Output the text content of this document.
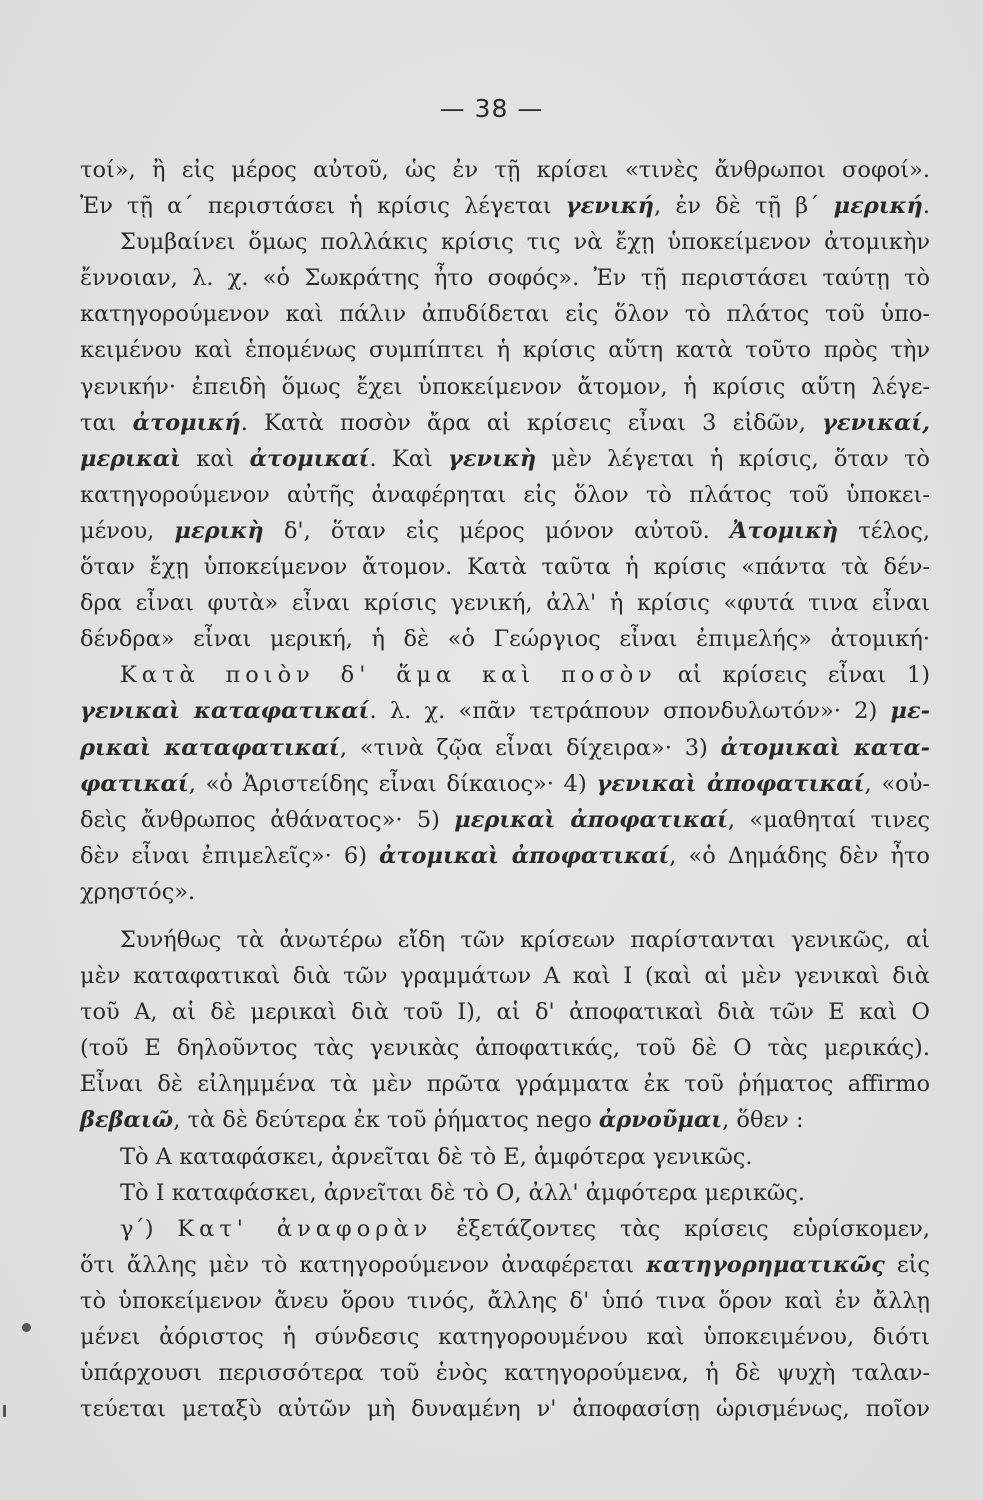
— 38 —
τοί», ἢ εἰς μέρος αὐτοῦ, ὡς ἐν τῇ κρίσει «τινὲς ἄνθρωποι σοφοί».
Ἐν τῇ α΄ περιστάσει ἡ κρίσις λέγεται γενική, ἐν δὲ τῇ β΄ μερική.
Συμβαίνει ὅμως πολλάκις κρίσις τις νὰ ἔχῃ ὑποκείμενον ἀτομικὴν
ἔννοιαν, λ. χ. «ὁ Σωκράτης ἦτο σοφός». Ἐν τῇ περιστάσει ταύτῃ τὸ
κατηγορούμενον καὶ πάλιν ἀπυδίδεται εἰς ὅλον τὸ πλάτος τοῦ ὑπο-
κειμένου καὶ ἑπομένως συμπίπτει ἡ κρίσις αὕτη κατὰ τοῦτο πρὸς τὴν
γενικήν· ἐπειδὴ ὅμως ἔχει ὑποκείμενον ἄτομον, ἡ κρίσις αὕτη λέγε-
ται ἀτομική. Κατὰ ποσὸν ἄρα αἱ κρίσεις εἶναι 3 εἰδῶν, γενικαί,
μερικαὶ καὶ ἀτομικαί. Καὶ γενικὴ μὲν λέγεται ἡ κρίσις, ὅταν τὸ
κατηγορούμενον αὐτῆς ἀναφέρηται εἰς ὅλον τὸ πλάτος τοῦ ὑποκει-
μένου, μερικὴ δ', ὅταν εἰς μέρος μόνον αὐτοῦ. Ἀτομικὴ τέλος,
ὅταν ἔχῃ ὑποκείμενον ἄτομον. Κατὰ ταῦτα ἡ κρίσις «πάντα τὰ δέν-
δρα εἶναι φυτὰ» εἶναι κρίσις γενική, ἀλλ' ἡ κρίσις «φυτά τινα εἶναι
δένδρα» εἶναι μερική, ἡ δὲ «ὁ Γεώργιος εἶναι ἐπιμελής» ἀτομική·
Κατὰ ποιὸν δ' ἅμα καὶ ποσὸν αἱ κρίσεις εἶναι 1)
γενικαὶ καταφατικαί. λ. χ. «πᾶν τετράπουν σπονδυλωτόν»· 2) με-
ρικαὶ καταφατικαί, «τινὰ ζῷα εἶναι δίχειρα»· 3) ἀτομικαὶ κατα-
φατικαί, «ὁ Ἀριστείδης εἶναι δίκαιος»· 4) γενικαὶ ἀποφατικαί, «οὐ-
δεὶς ἄνθρωπος ἀθάνατος»· 5) μερικαὶ ἀποφατικαί, «μαθηταί τινες
δὲν εἶναι ἐπιμελεῖς»· 6) ἀτομικαὶ ἀποφατικαί, «ὁ Δημάδης δὲν ἦτο
χρηστός».
Συνήθως τὰ ἀνωτέρω εἴδη τῶν κρίσεων παρίστανται γενικῶς, αἱ
μὲν καταφατικαὶ διὰ τῶν γραμμάτων Α καὶ Ι (καὶ αἱ μὲν γενικαὶ διὰ
τοῦ Α, αἱ δὲ μερικαὶ διὰ τοῦ Ι), αἱ δ' ἀποφατικαὶ διὰ τῶν Ε καὶ Ο
(τοῦ Ε δηλοῦντος τὰς γενικὰς ἀποφατικάς, τοῦ δὲ Ο τὰς μερικάς).
Εἶναι δὲ εἰλημμένα τὰ μὲν πρῶτα γράμματα ἐκ τοῦ ῥήματος affirmo
βεβαιῶ, τὰ δὲ δεύτερα ἐκ τοῦ ῥήματος nego ἀρνοῦμαι, ὅθεν :
Τὸ Α καταφάσκει, ἀρνεῖται δὲ τὸ Ε, ἀμφότερα γενικῶς.
Τὸ Ι καταφάσκει, ἀρνεῖται δὲ τὸ Ο, ἀλλ' ἀμφότερα μερικῶς.
γ΄) Κατ' ἀναφορὰν ἐξετάζοντες τὰς κρίσεις εὑρίσκομεν,
ὅτι ἄλλης μὲν τὸ κατηγορούμενον ἀναφέρεται κατηγορηματικῶς εἰς
τὸ ὑποκείμενον ἄνευ ὅρου τινός, ἄλλης δ' ὑπό τινα ὅρον καὶ ἐν ἄλλῃ
μένει ἀόριστος ἡ σύνδεσις κατηγορουμένου καὶ ὑποκειμένου, διότι
ὑπάρχουσι περισσότερα τοῦ ἑνὸς κατηγορούμενα, ἡ δὲ ψυχὴ ταλαν-
τεύεται μεταξὺ αὐτῶν μὴ δυναμένη ν' ἀποφασίσῃ ὡρισμένως, ποῖον
